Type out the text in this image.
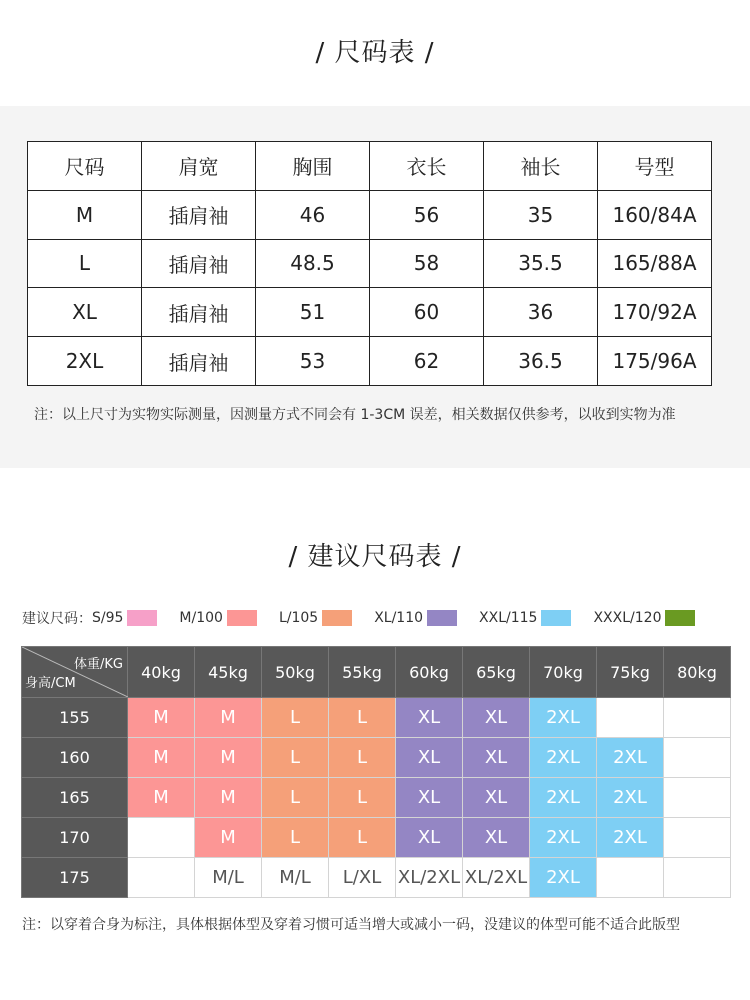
/ 尺码表 /
尺码	肩宽	胸围	衣长	袖长	号型
M	插肩袖	46	56	35	160/84A
L	插肩袖	48.5	58	35.5	165/88A
XL	插肩袖	51	60	36	170/92A
2XL	插肩袖	53	62	36.5	175/96A
注：以上尺寸为实物实际测量，因测量方式不同会有 1-3CM 误差，相关数据仅供参考，以收到实物为准
/ 建议尺码表 /
建议尺码： S/95	M/100	L/105	XL/110	XXL/115	XXXL/120
体重/KG
身高/CM	40kg	45kg	50kg	55kg	60kg	65kg	70kg	75kg	80kg
155	M	M	L	L	XL	XL	2XL		
160	M	M	L	L	XL	XL	2XL	2XL	
165	M	M	L	L	XL	XL	2XL	2XL	
170		M	L	L	XL	XL	2XL	2XL	
175		M/L	M/L	L/XL	XL/2XL	XL/2XL	2XL		
注：以穿着合身为标注，具体根据体型及穿着习惯可适当增大或减小一码，没建议的体型可能不适合此版型
